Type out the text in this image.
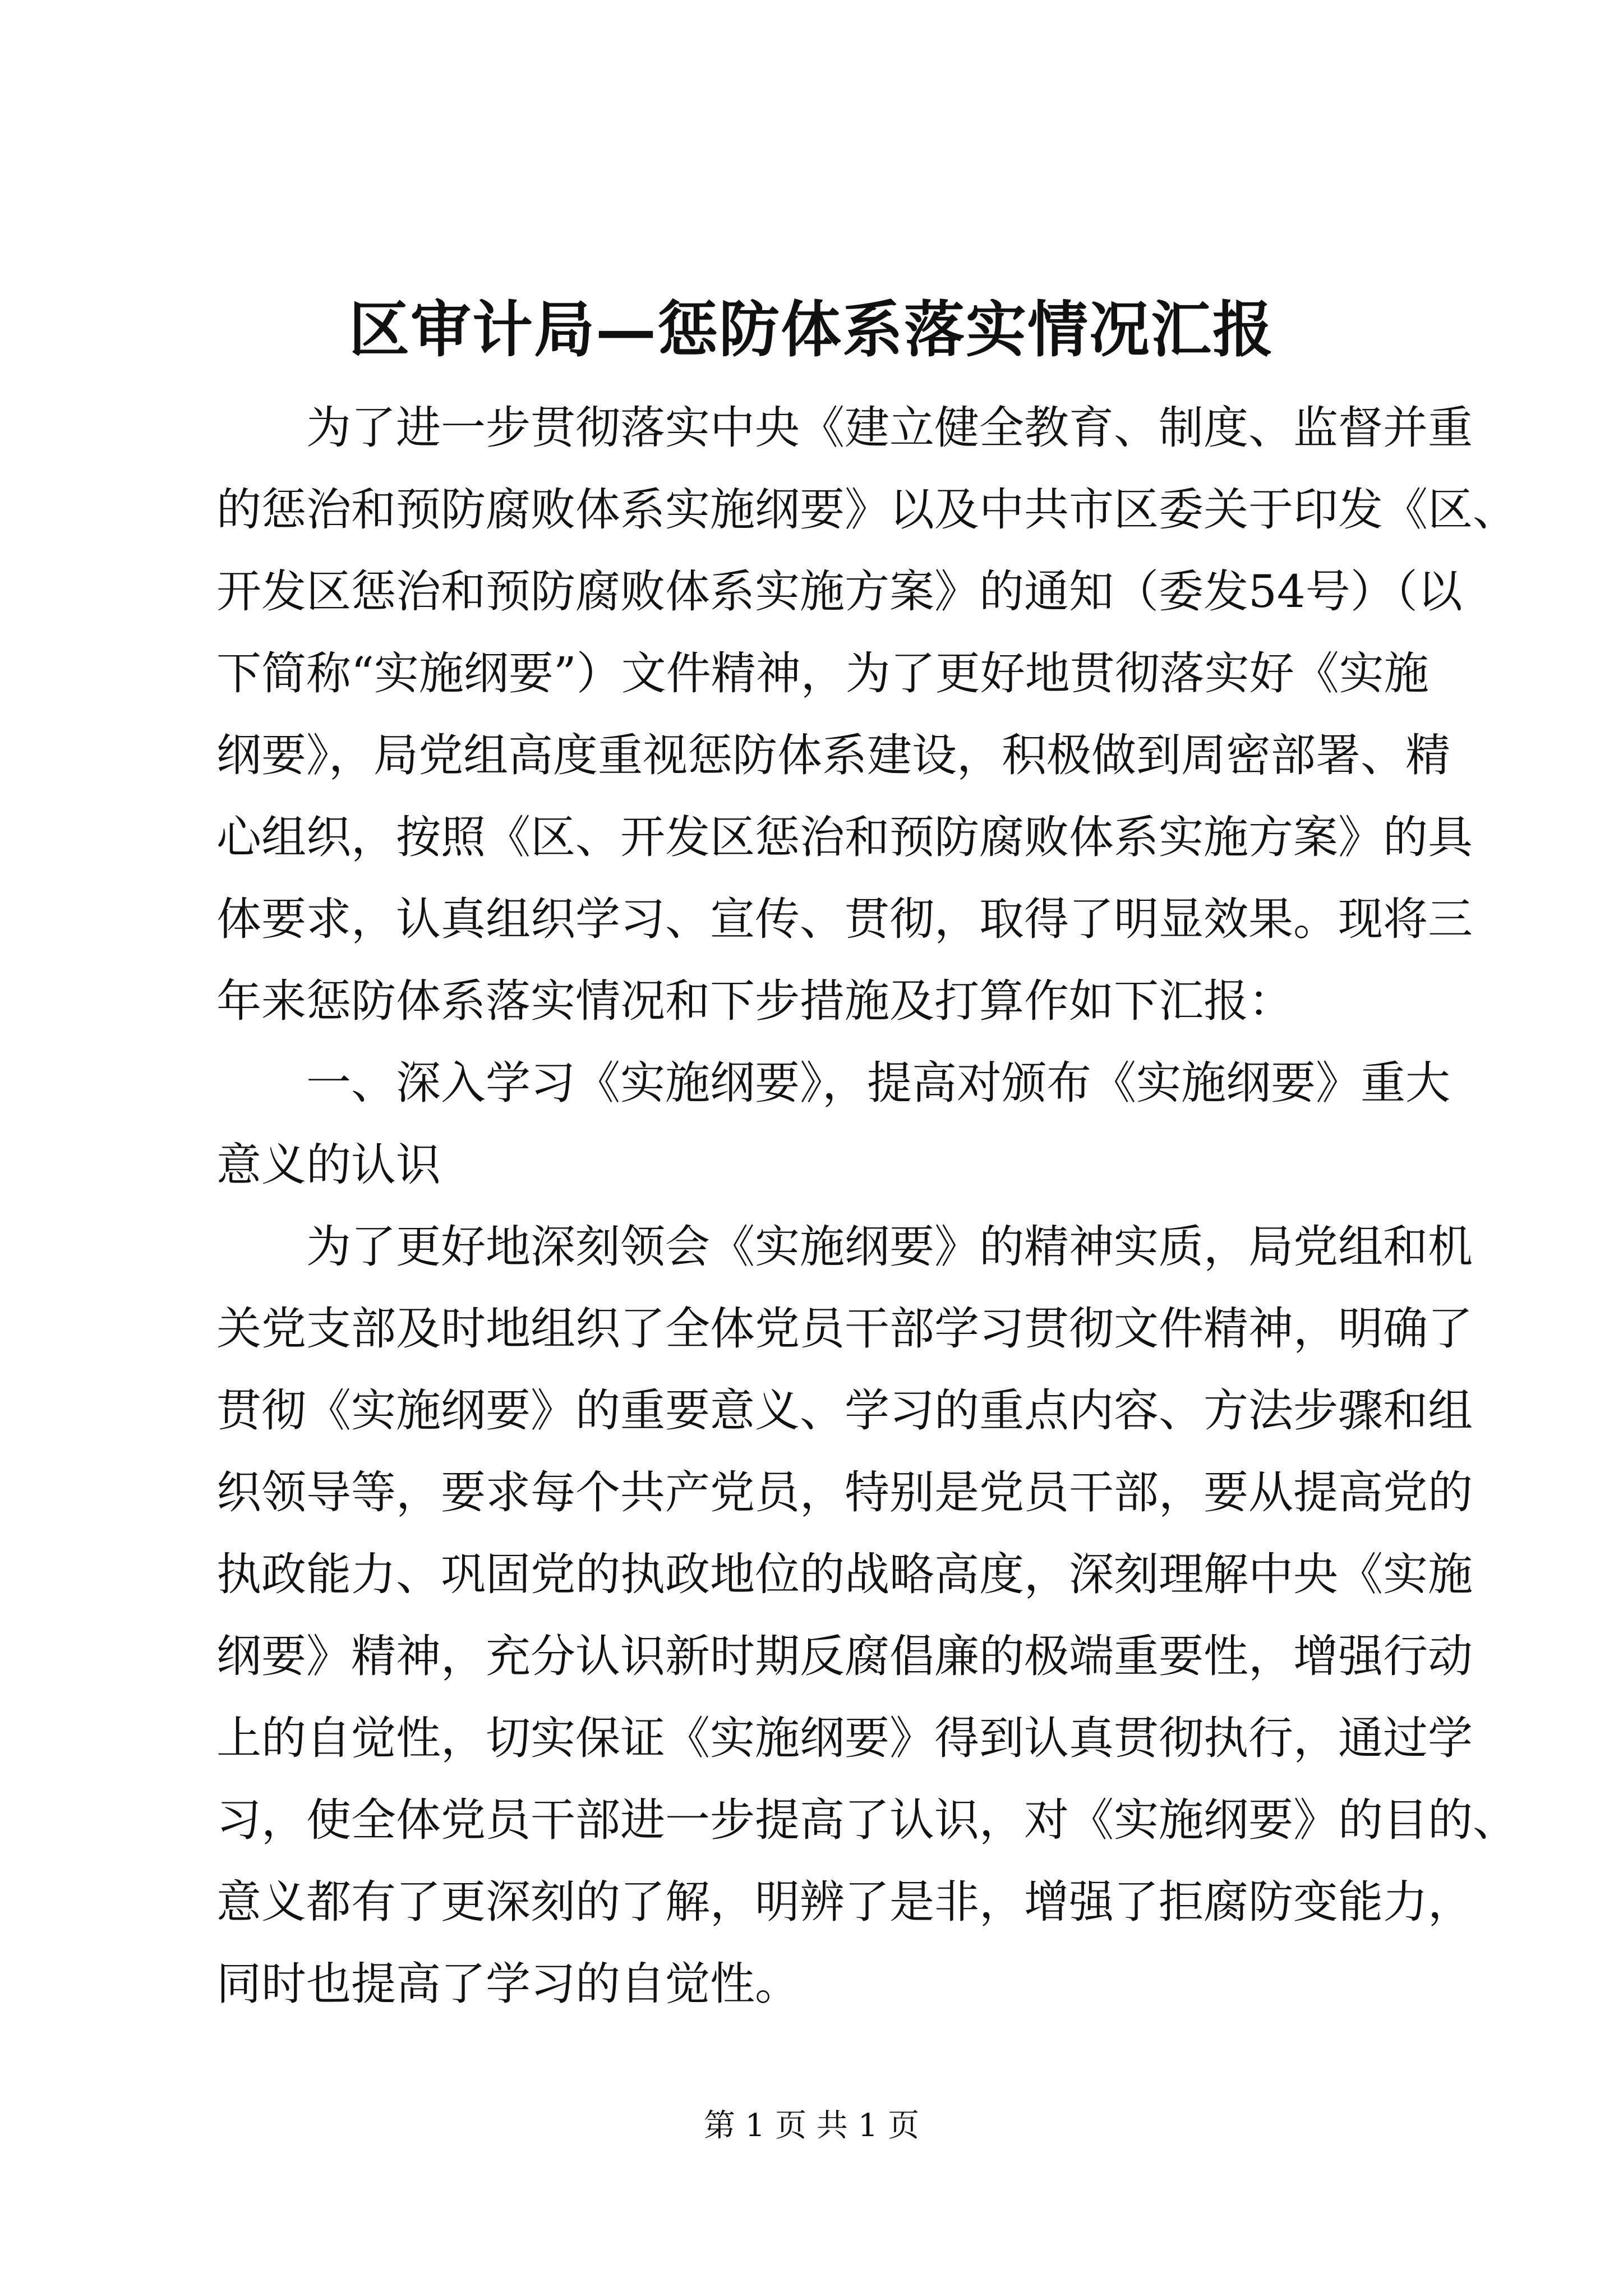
区审计局—惩防体系落实情况汇报
为了进一步贯彻落实中央《建立健全教育、制度、监督并重
的惩治和预防腐败体系实施纲要》以及中共市区委关于印发《区、
开发区惩治和预防腐败体系实施方案》的通知（委发54号）（以
下简称“实施纲要”）文件精神，为了更好地贯彻落实好《实施
纲要》，局党组高度重视惩防体系建设，积极做到周密部署、精
心组织，按照《区、开发区惩治和预防腐败体系实施方案》的具
体要求，认真组织学习、宣传、贯彻，取得了明显效果。现将三
年来惩防体系落实情况和下步措施及打算作如下汇报：
一、深入学习《实施纲要》，提高对颁布《实施纲要》重大
意义的认识
为了更好地深刻领会《实施纲要》的精神实质，局党组和机
关党支部及时地组织了全体党员干部学习贯彻文件精神，明确了
贯彻《实施纲要》的重要意义、学习的重点内容、方法步骤和组
织领导等，要求每个共产党员，特别是党员干部，要从提高党的
执政能力、巩固党的执政地位的战略高度，深刻理解中央《实施
纲要》精神，充分认识新时期反腐倡廉的极端重要性，增强行动
上的自觉性，切实保证《实施纲要》得到认真贯彻执行，通过学
习，使全体党员干部进一步提高了认识，对《实施纲要》的目的、
意义都有了更深刻的了解，明辨了是非，增强了拒腐防变能力，
同时也提高了学习的自觉性。
第 1 页 共 1 页
